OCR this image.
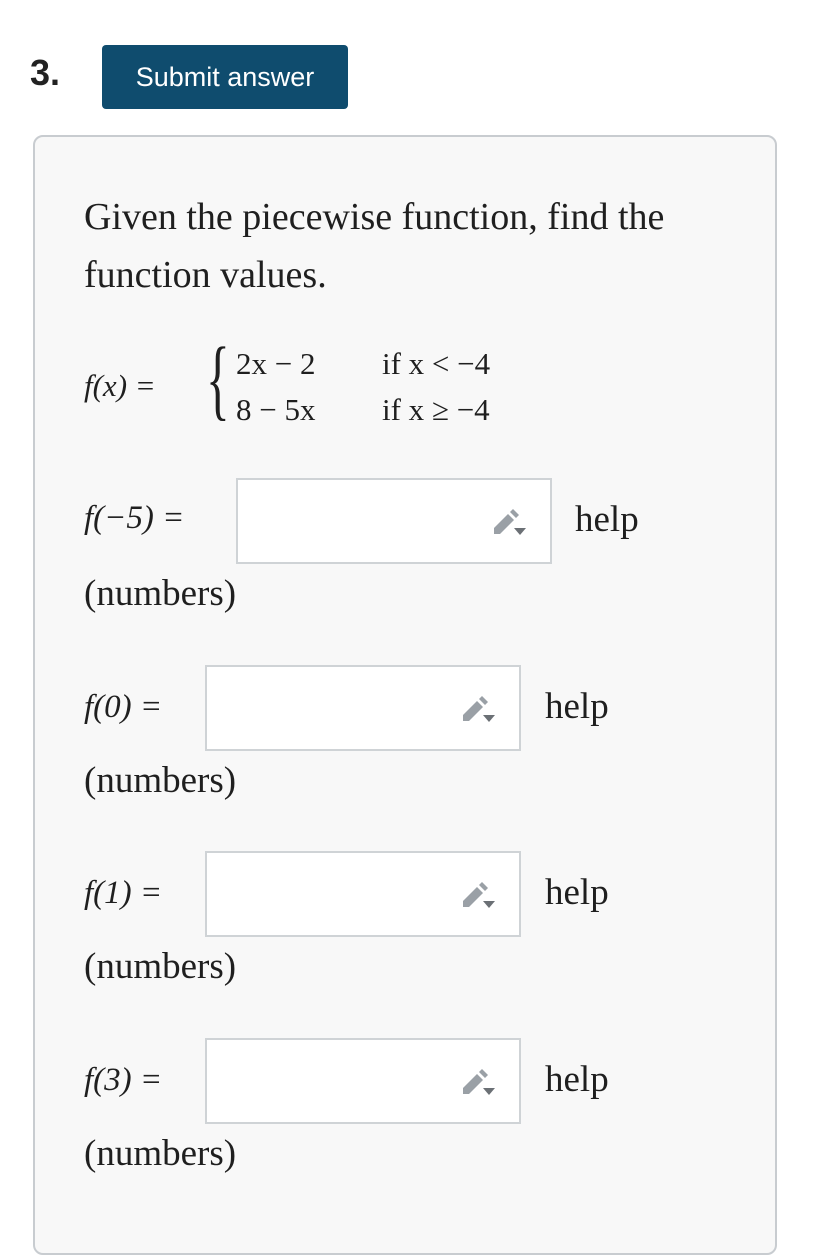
3.	Submit answer

Given the piecewise function, find the function values.

f(x) = { 2x − 2 if x < −4
8 − 5x if x ≥ −4
f(−5) =	help
(numbers)
f(0) =	help
(numbers)
f(1) =	help
(numbers)
f(3) =	help
(numbers)
